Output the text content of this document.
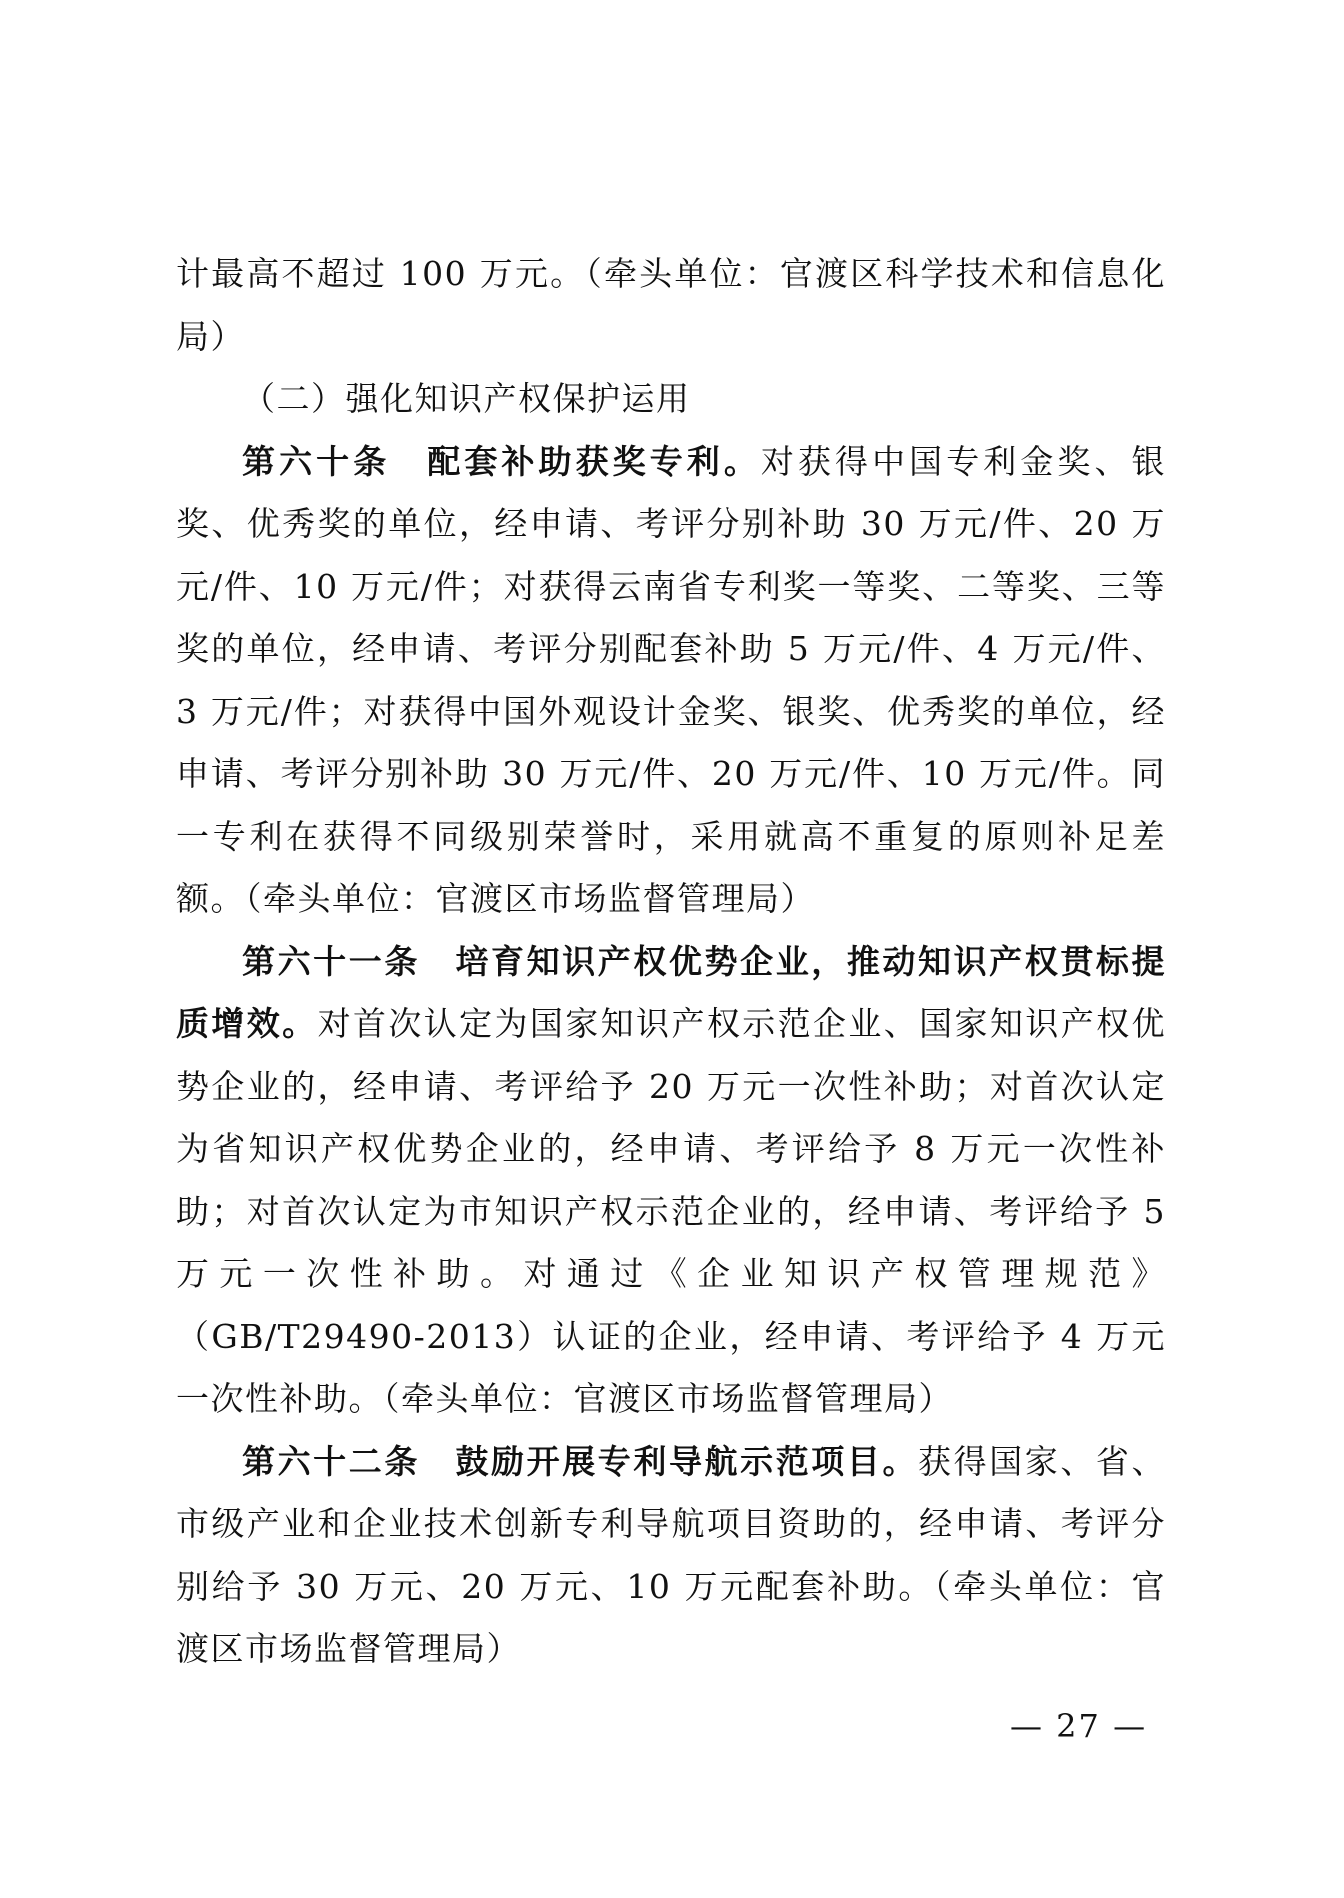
计最高不超过 100 万元。（牵头单位：官渡区科学技术和信息化局）

（二）强化知识产权保护运用

第六十条　配套补助获奖专利。对获得中国专利金奖、银奖、优秀奖的单位，经申请、考评分别补助 30 万元/件、20 万元/件、10 万元/件；对获得云南省专利奖一等奖、二等奖、三等奖的单位，经申请、考评分别配套补助 5 万元/件、4 万元/件、3 万元/件；对获得中国外观设计金奖、银奖、优秀奖的单位，经申请、考评分别补助 30 万元/件、20 万元/件、10 万元/件。同一专利在获得不同级别荣誉时，采用就高不重复的原则补足差额。（牵头单位：官渡区市场监督管理局）

第六十一条　培育知识产权优势企业，推动知识产权贯标提质增效。对首次认定为国家知识产权示范企业、国家知识产权优势企业的，经申请、考评给予 20 万元一次性补助；对首次认定为省知识产权优势企业的，经申请、考评给予 8 万元一次性补助；对首次认定为市知识产权示范企业的，经申请、考评给予 5 万元一次性补助。对通过《企业知识产权管理规范》（GB/T29490-2013）认证的企业，经申请、考评给予 4 万元一次性补助。（牵头单位：官渡区市场监督管理局）

第六十二条　鼓励开展专利导航示范项目。获得国家、省、市级产业和企业技术创新专利导航项目资助的，经申请、考评分别给予 30 万元、20 万元、10 万元配套补助。（牵头单位：官渡区市场监督管理局）

— 27 —
